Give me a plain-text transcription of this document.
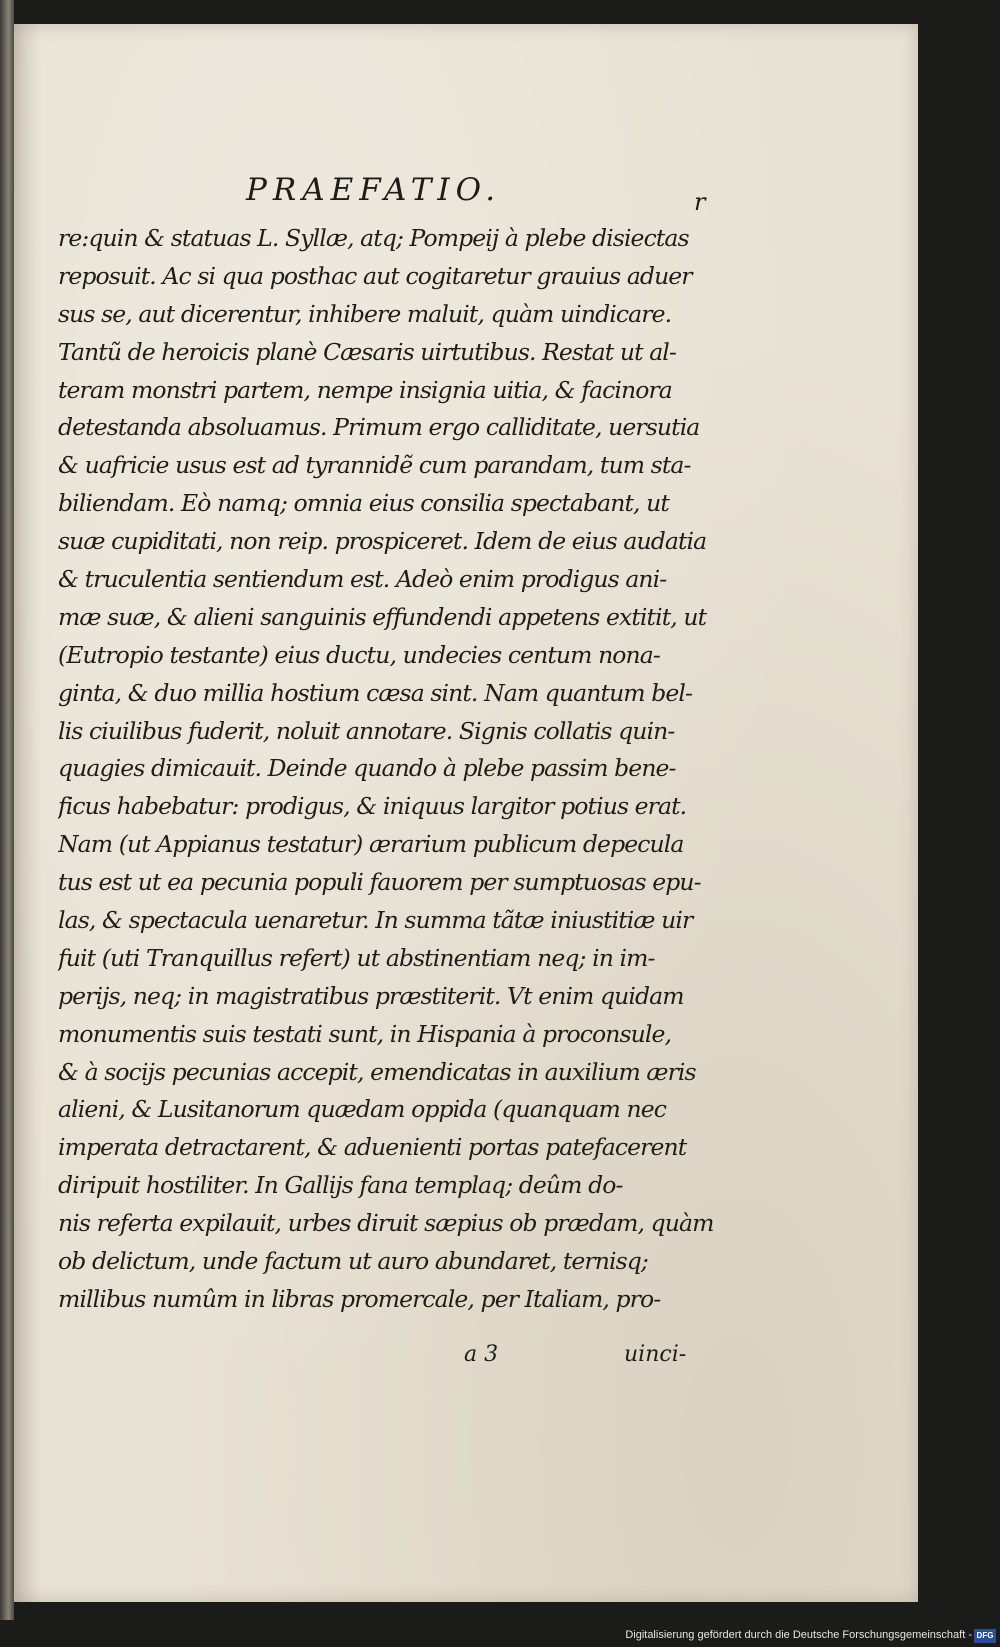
PRAEFATIO.	r
re:quin & statuas L. Syllæ, atq; Pompeij à plebe disiectas
reposuit. Ac si qua posthac aut cogitaretur grauius aduer
sus se, aut dicerentur, inhibere maluit, quàm uindicare.
Tantũ de heroicis planè Cæsaris uirtutibus. Restat ut al-
teram monstri partem, nempe insignia uitia, & facinora
detestanda absoluamus. Primum ergo calliditate, uersutia
& uafricie usus est ad tyrannidẽ cum parandam, tum sta-
biliendam. Eò namq; omnia eius consilia spectabant, ut
suæ cupiditati, non reip. prospiceret. Idem de eius audatia
& truculentia sentiendum est. Adeò enim prodigus ani-
mæ suæ, & alieni sanguinis effundendi appetens extitit, ut
(Eutropio testante) eius ductu, undecies centum nona-
ginta, & duo millia hostium cæsa sint. Nam quantum bel-
lis ciuilibus fuderit, noluit annotare. Signis collatis quin-
quagies dimicauit. Deinde quando à plebe passim bene-
ficus habebatur: prodigus, & iniquus largitor potius erat.
Nam (ut Appianus testatur) ærarium publicum depecula
tus est ut ea pecunia populi fauorem per sumptuosas epu-
las, & spectacula uenaretur. In summa tãtæ iniustitiæ uir
fuit (uti Tranquillus refert) ut abstinentiam neq; in im-
perijs, neq; in magistratibus præstiterit. Vt enim quidam
monumentis suis testati sunt, in Hispania à proconsule,
& à socijs pecunias accepit, emendicatas in auxilium æris
alieni, & Lusitanorum quædam oppida (quanquam nec
imperata detractarent, & aduenienti portas patefacerent
diripuit hostiliter. In Gallijs fana templaq; deûm do-
nis referta expilauit, urbes diruit sæpius ob prædam, quàm
ob delictum, unde factum ut auro abundaret, ternisq;
millibus numûm in libras promercale, per Italiam, pro-
a 3	uinci-
Digitalisierung gefördert durch die Deutsche Forschungsgemeinschaft - DFG
